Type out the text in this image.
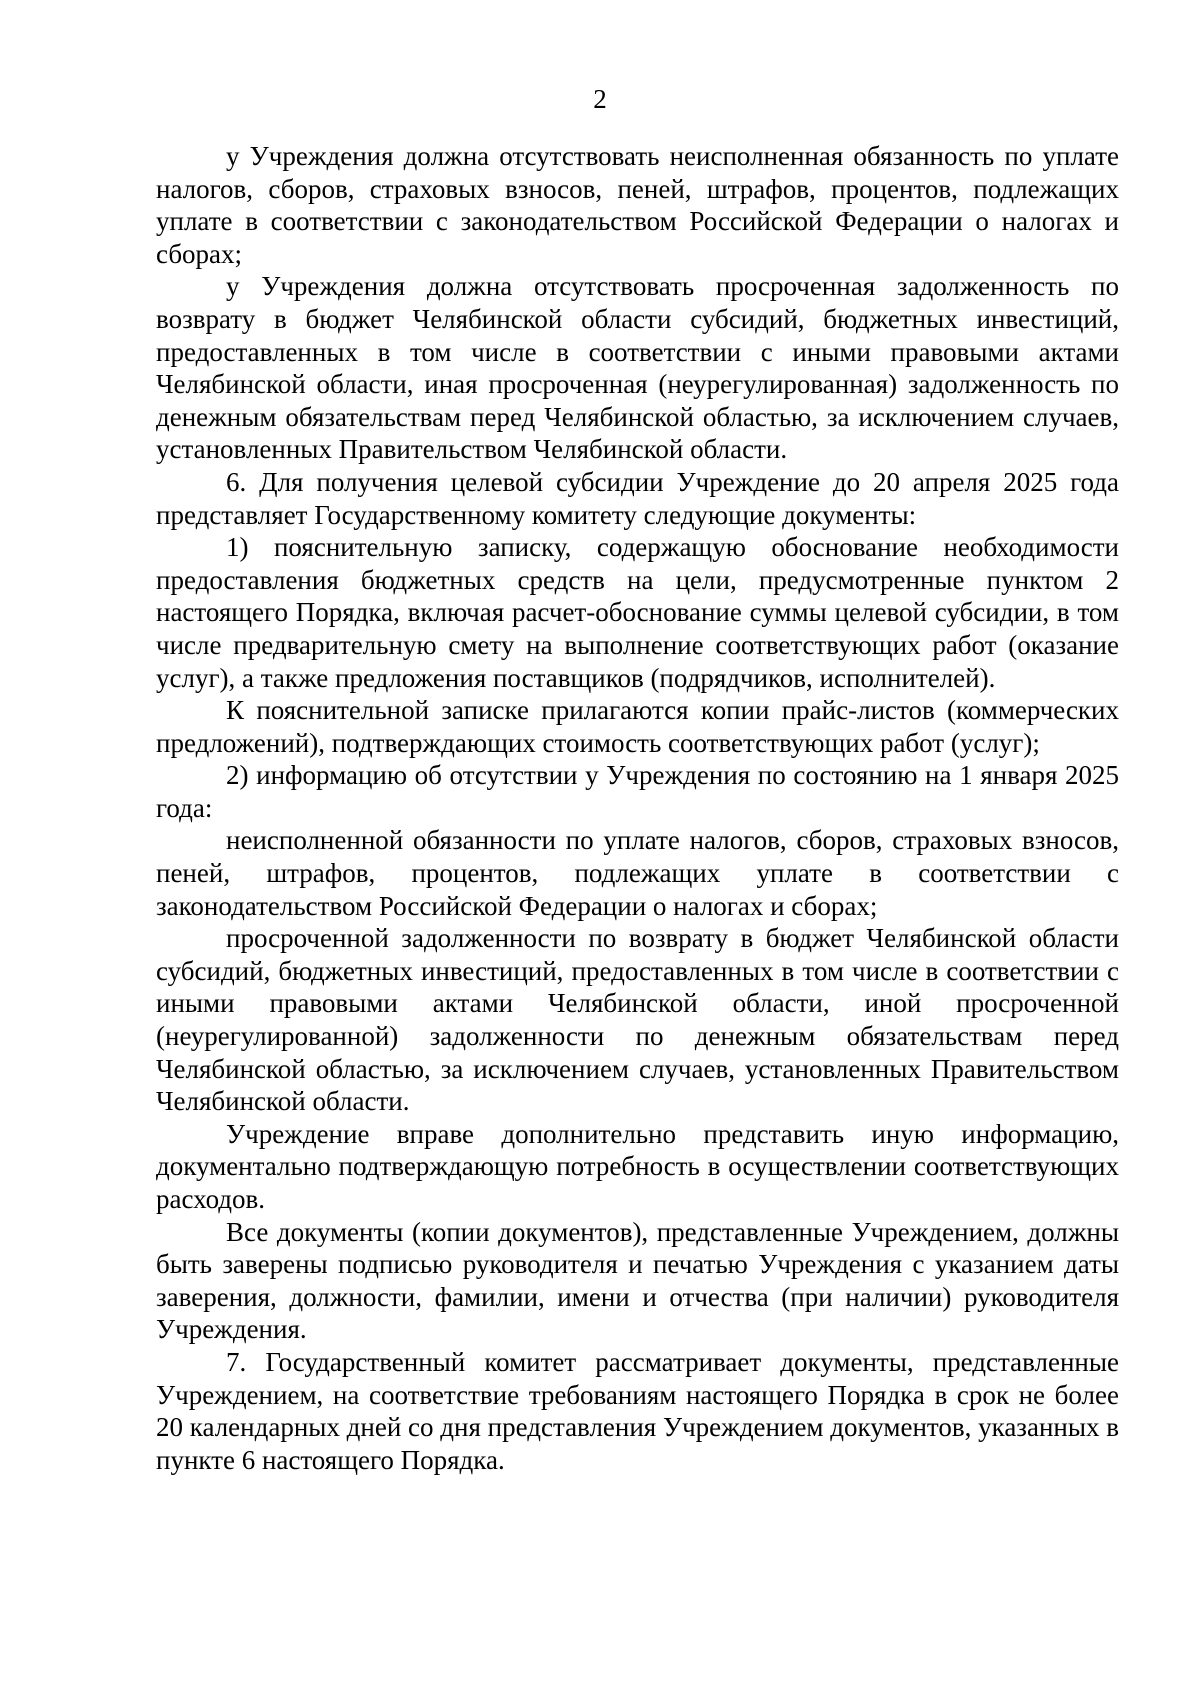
2

у Учреждения должна отсутствовать неисполненная обязанность по уплате налогов, сборов, страховых взносов, пеней, штрафов, процентов, подлежащих уплате в соответствии с законодательством Российской Федерации о налогах и сборах;

у Учреждения должна отсутствовать просроченная задолженность по возврату в бюджет Челябинской области субсидий, бюджетных инвестиций, предоставленных в том числе в соответствии с иными правовыми актами Челябинской области, иная просроченная (неурегулированная) задолженность по денежным обязательствам перед Челябинской областью, за исключением случаев, установленных Правительством Челябинской области.

6. Для получения целевой субсидии Учреждение до 20 апреля 2025 года представляет Государственному комитету следующие документы:

1) пояснительную записку, содержащую обоснование необходимости предоставления бюджетных средств на цели, предусмотренные пунктом 2 настоящего Порядка, включая расчет-обоснование суммы целевой субсидии, в том числе предварительную смету на выполнение соответствующих работ (оказание услуг), а также предложения поставщиков (подрядчиков, исполнителей).

К пояснительной записке прилагаются копии прайс-листов (коммерческих предложений), подтверждающих стоимость соответствующих работ (услуг);

2) информацию об отсутствии у Учреждения по состоянию на 1 января 2025 года:

неисполненной обязанности по уплате налогов, сборов, страховых взносов, пеней, штрафов, процентов, подлежащих уплате в соответствии с законодательством Российской Федерации о налогах и сборах;

просроченной задолженности по возврату в бюджет Челябинской области субсидий, бюджетных инвестиций, предоставленных в том числе в соответствии с иными правовыми актами Челябинской области, иной просроченной (неурегулированной) задолженности по денежным обязательствам перед Челябинской областью, за исключением случаев, установленных Правительством Челябинской области.

Учреждение вправе дополнительно представить иную информацию, документально подтверждающую потребность в осуществлении соответствующих расходов.

Все документы (копии документов), представленные Учреждением, должны быть заверены подписью руководителя и печатью Учреждения с указанием даты заверения, должности, фамилии, имени и отчества (при наличии) руководителя Учреждения.

7. Государственный комитет рассматривает документы, представленные Учреждением, на соответствие требованиям настоящего Порядка в срок не более 20 календарных дней со дня представления Учреждением документов, указанных в пункте 6 настоящего Порядка.
